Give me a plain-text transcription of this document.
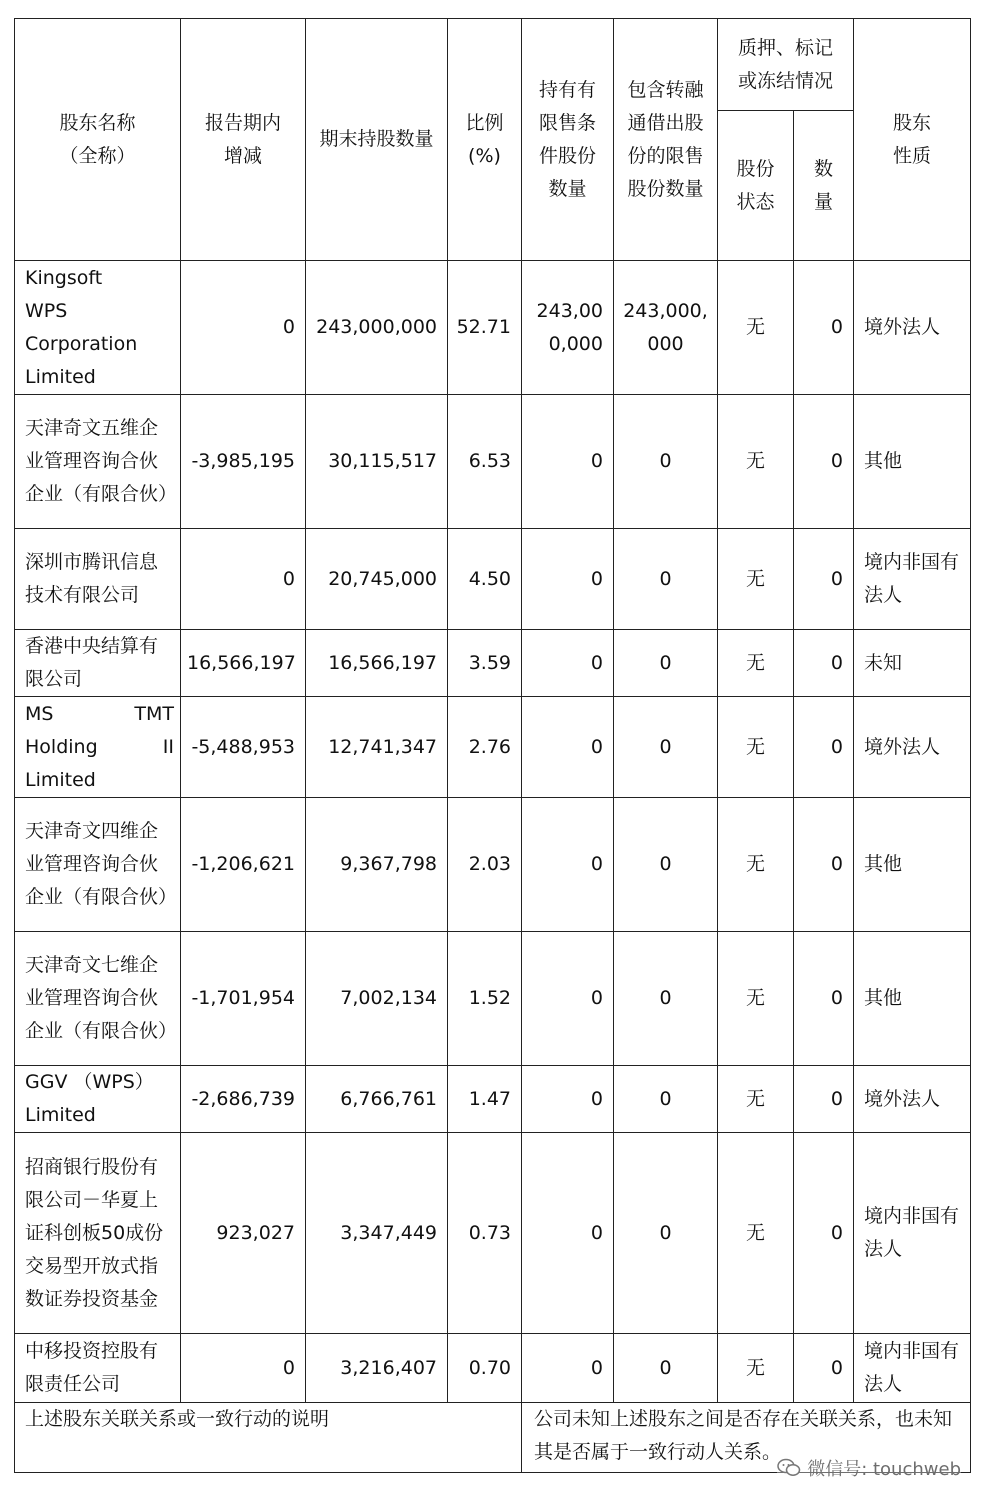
股东名称（全称）	报告期内增减	期末持股数量	比例(%)	持有有限售条件股份数量	包含转融通借出股份的限售股份数量	质押、标记或冻结情况		股东性质
						股份状态	数量	
Kingsoft WPS Corporation Limited	0	243,000,000	52.71	243,000,000	243,000,000	无	0	境外法人
天津奇文五维企业管理咨询合伙企业（有限合伙）	-3,985,195	30,115,517	6.53	0	0	无	0	其他
深圳市腾讯信息技术有限公司	0	20,745,000	4.50	0	0	无	0	境内非国有法人
香港中央结算有限公司	16,566,197	16,566,197	3.59	0	0	无	0	未知
MS TMT Holding II Limited	-5,488,953	12,741,347	2.76	0	0	无	0	境外法人
天津奇文四维企业管理咨询合伙企业（有限合伙）	-1,206,621	9,367,798	2.03	0	0	无	0	其他
天津奇文七维企业管理咨询合伙企业（有限合伙）	-1,701,954	7,002,134	1.52	0	0	无	0	其他
GGV （WPS）Limited	-2,686,739	6,766,761	1.47	0	0	无	0	境外法人
招商银行股份有限公司－华夏上证科创板50成份交易型开放式指数证券投资基金	923,027	3,347,449	0.73	0	0	无	0	境内非国有法人
中移投资控股有限责任公司	0	3,216,407	0.70	0	0	无	0	境内非国有法人
上述股东关联关系或一致行动的说明				公司未知上述股东之间是否存在关联关系，也未知其是否属于一致行动人关系。				
微信号: touchweb
